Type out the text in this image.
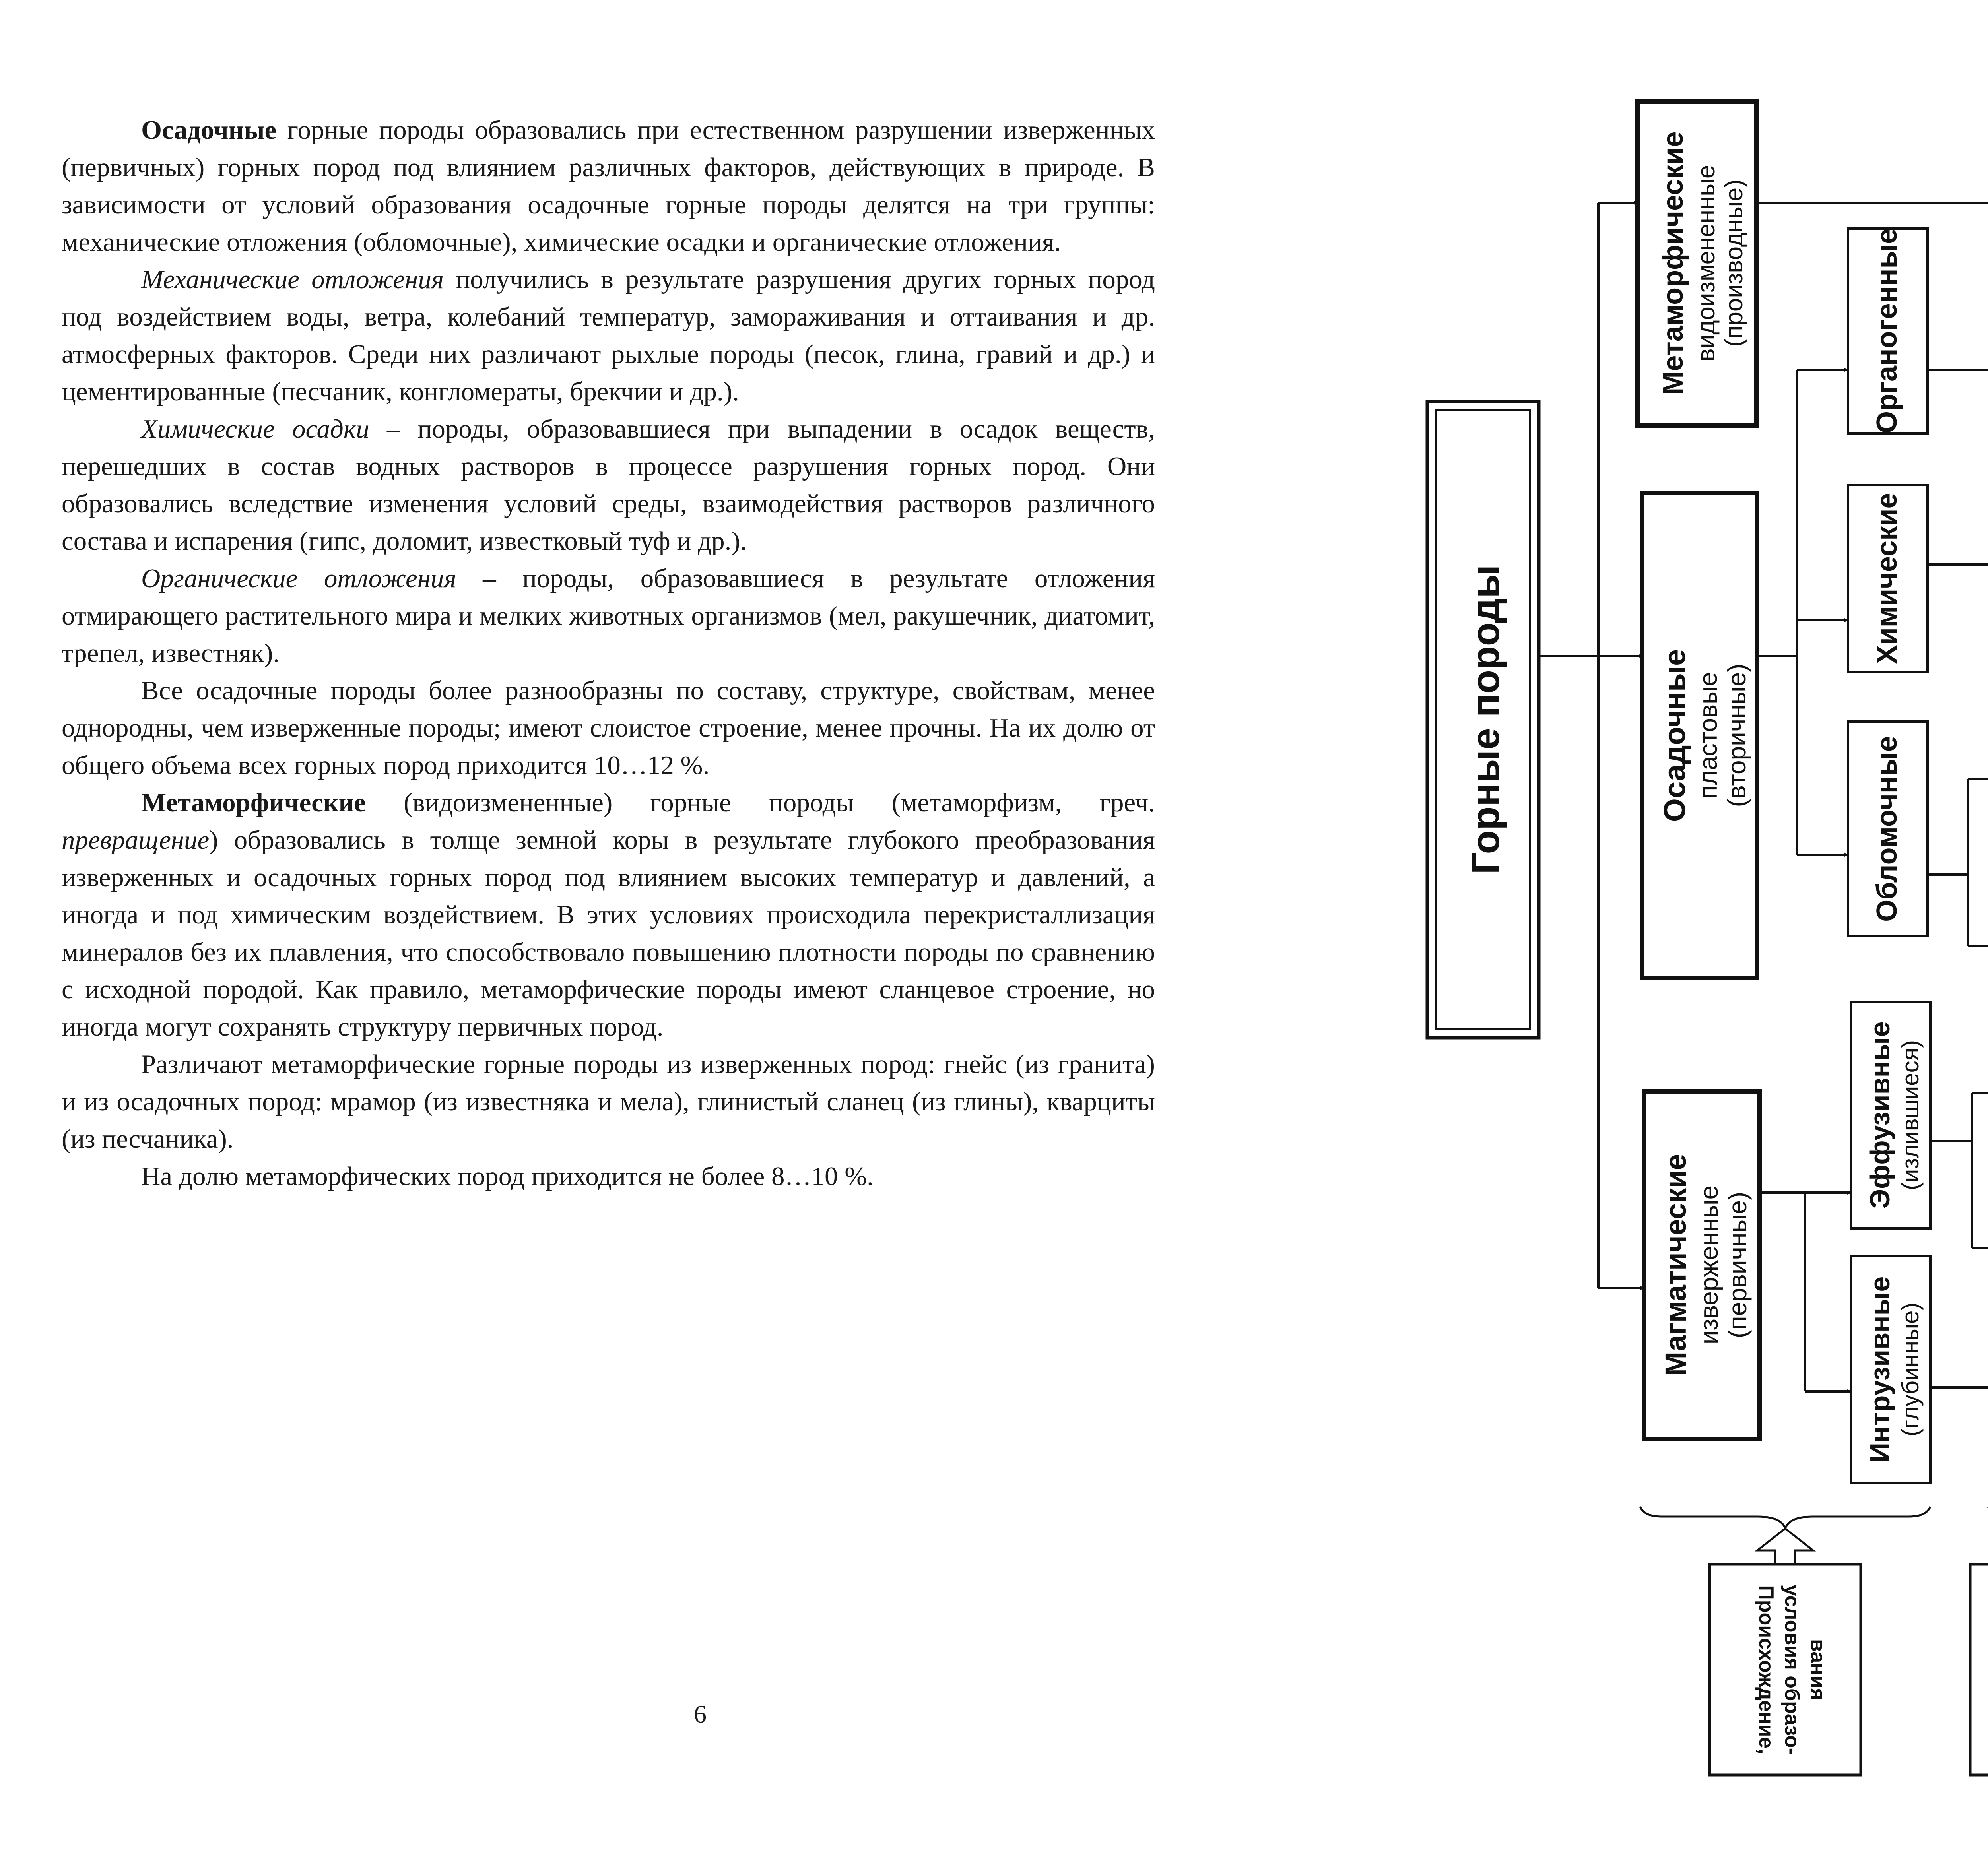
Осадочные горные породы образовались при естественном разрушении изверженных (первичных) горных пород под влиянием различных факторов, действующих в природе. В зависимости от условий образования осадочные горные породы делятся на три группы: механические отложения (обломочные), химические осадки и органические отложения.

Механические отложения получились в результате разрушения других горных пород под воздействием воды, ветра, колебаний температур, замораживания и оттаивания и др. атмосферных факторов. Среди них различают рыхлые породы (песок, глина, гравий и др.) и цементированные (песчаник, конгломераты, брекчии и др.).

Химические осадки – породы, образовавшиеся при выпадении в осадок веществ, перешедших в состав водных растворов в процессе разрушения горных пород. Они образовались вследствие изменения условий среды, взаимодействия растворов различного состава и испарения (гипс, доломит, известковый туф и др.).

Органические отложения – породы, образовавшиеся в результате отложения отмирающего растительного мира и мелких животных организмов (мел, ракушечник, диатомит, трепел, известняк).

Все осадочные породы более разнообразны по составу, структуре, свойствам, менее однородны, чем изверженные породы; имеют слоистое строение, менее прочны. На их долю от общего объема всех горных пород приходится 10…12 %.

Метаморфические (видоизмененные) горные породы (метаморфизм, греч. превращение) образовались в толще земной коры в результате глубокого преобразования изверженных и осадочных горных пород под влиянием высоких температур и давлений, а иногда и под химическим воздействием. В этих условиях происходила перекристаллизация минералов без их плавления, что способствовало повышению плотности породы по сравнению с исходной породой. Как правило, метаморфические породы имеют сланцевое строение, но иногда могут сохранять структуру первичных пород.

Различают метаморфические горные породы из изверженных пород: гнейс (из гранита) и из осадочных пород: мрамор (из известняка и мела), глинистый сланец (из глины), кварциты (из песчаника).

На долю метаморфических пород приходится не более 8…10 %.

6
Горные породы
Метаморфические видоизмененные (производные)
Осадочные пластовые (вторичные)
Магматические изверженные (первичные)
Органогенные
Химические
Обломочные
Эффузивные (излившиеся)
Интрузивные (глубинные)
Происхождение, условия образо- вания
